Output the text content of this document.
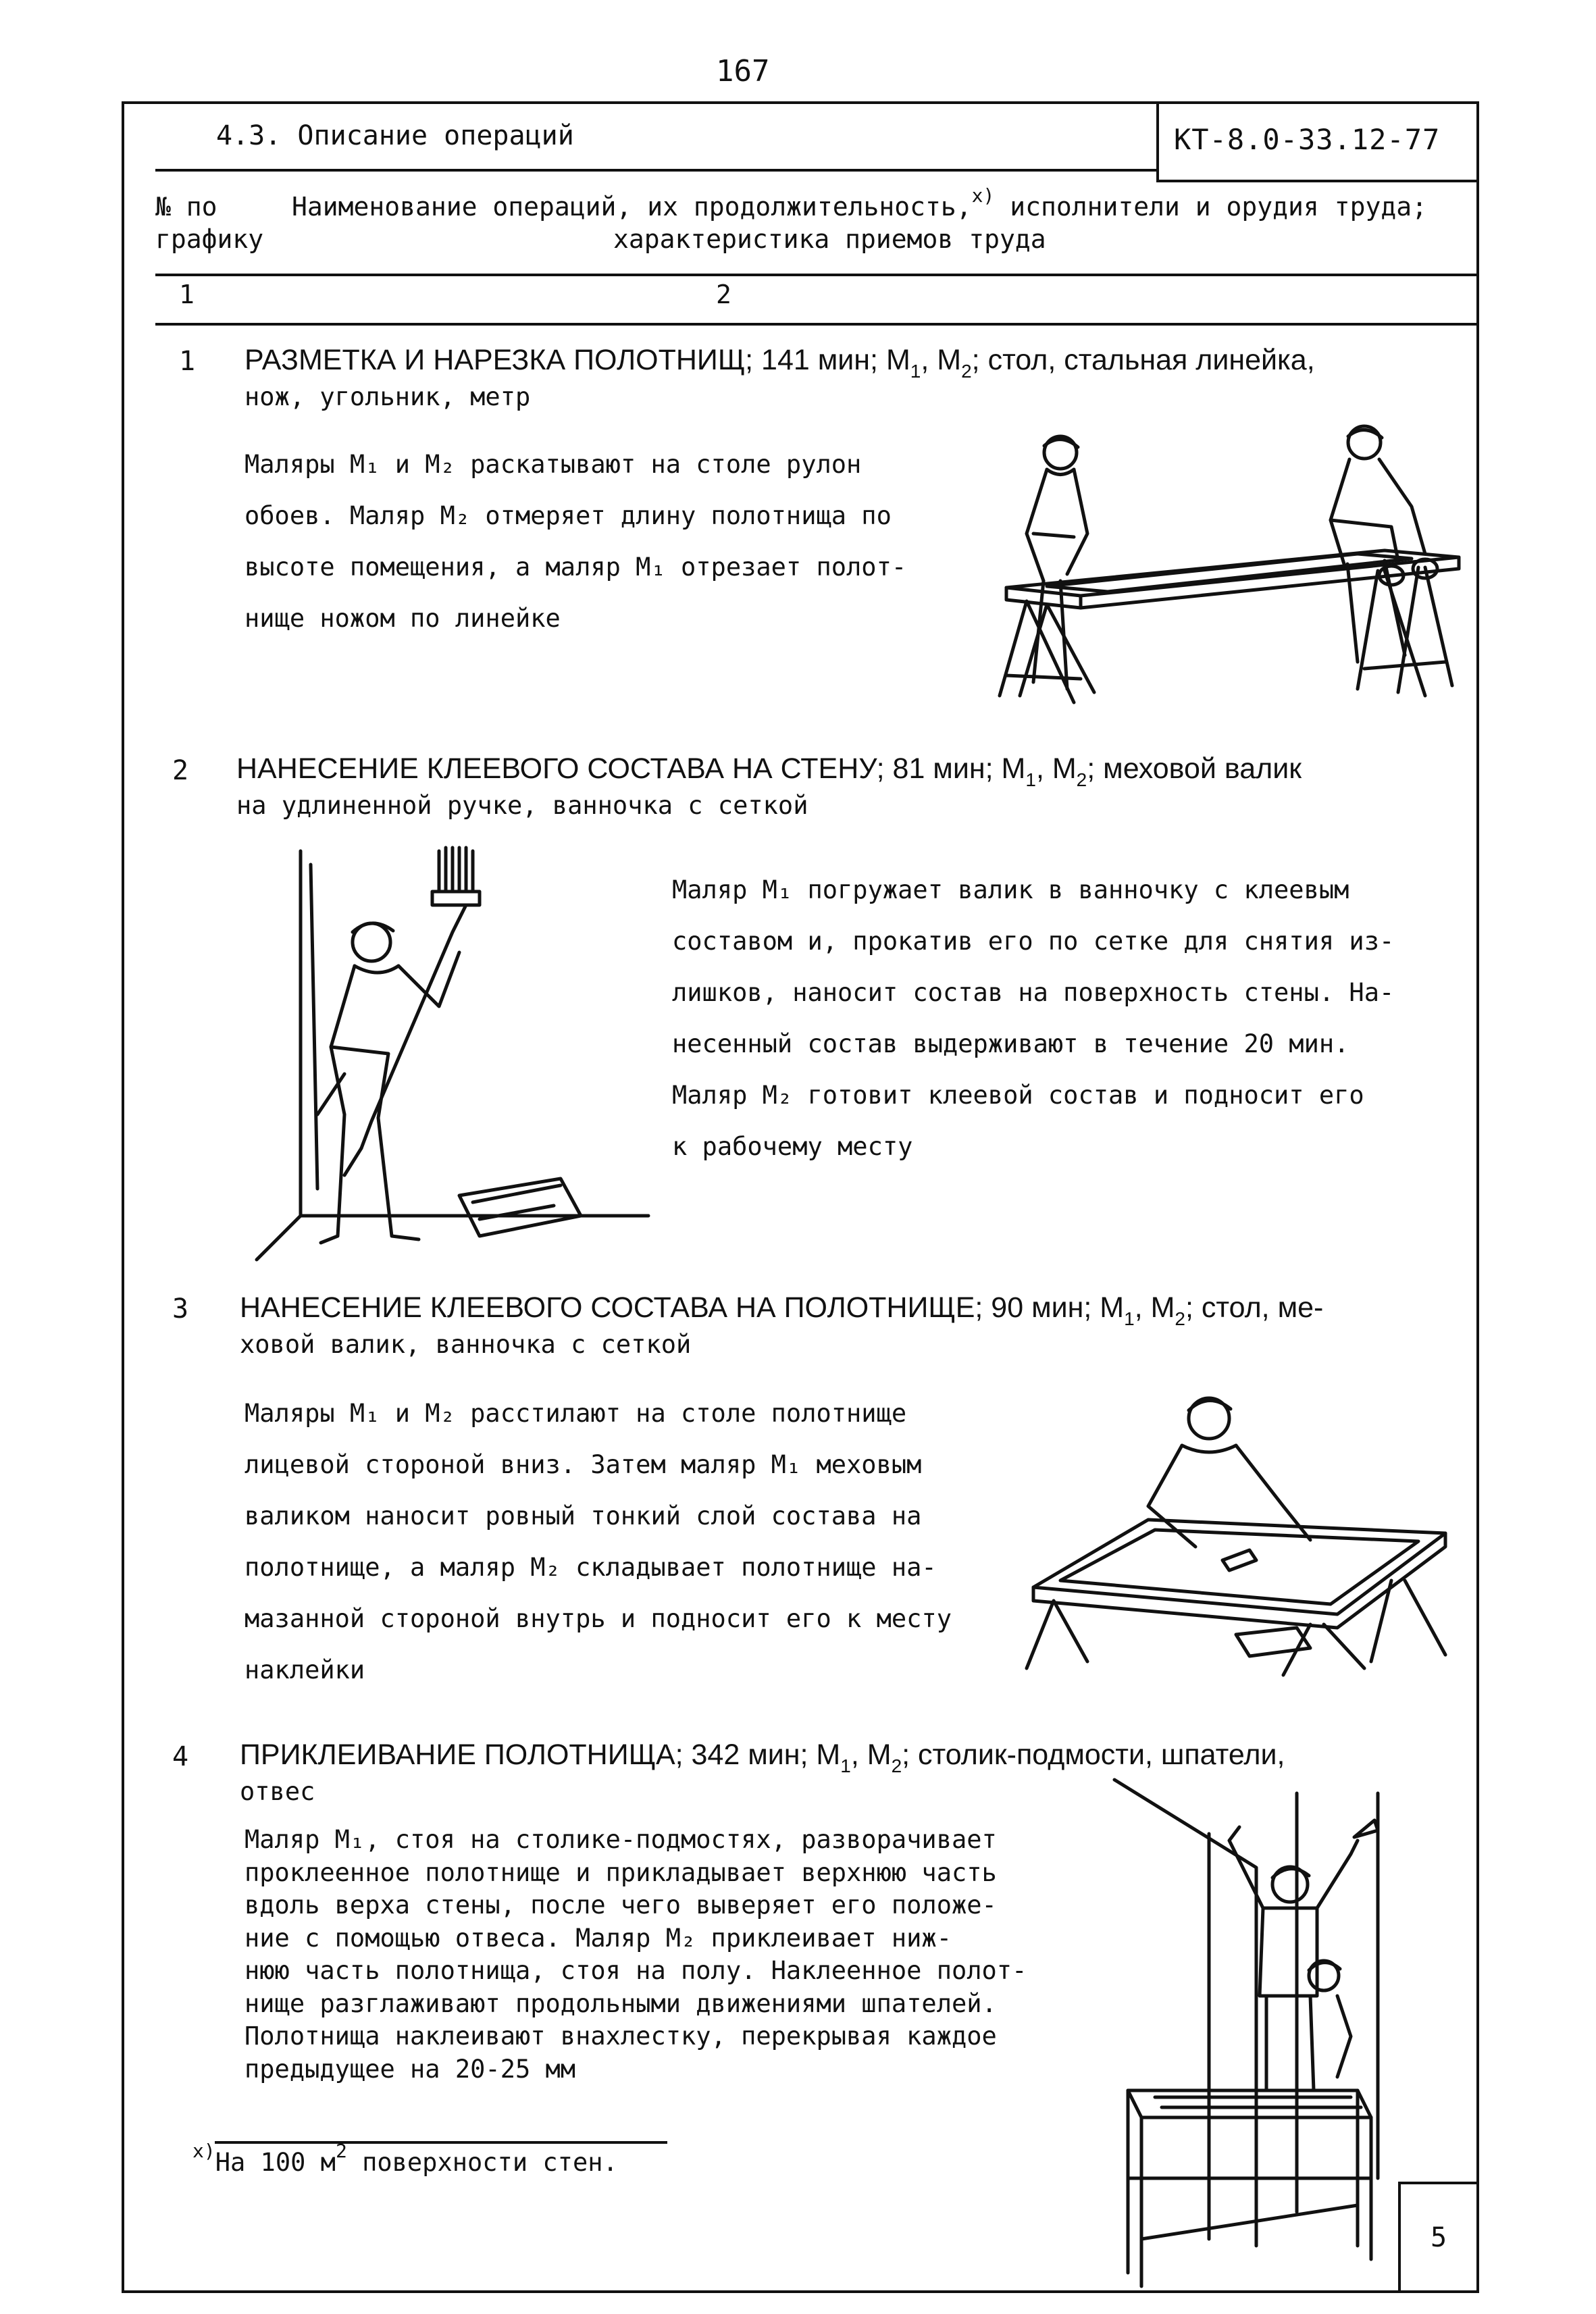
167
4.3. Описание операций	КТ-8.0-33.12-77
№ по
графику
Наименование операций, их продолжительность,$^{x)}$ исполнители и орудия труда;
характеристика приемов труда
1	2
1 РАЗМЕТКА И НАРЕЗКА ПОЛОТНИЩ; 141 мин; $М_1$, $М_2$; стол, стальная линейка,
нож, угольник, метр
Маляры М₁ и М₂ раскатывают на столе рулон
обоев. Маляр М₂ отмеряет длину полотнища по
высоте помещения, а маляр М₁ отрезает полот-
нище ножом по линейке
2 НАНЕСЕНИЕ КЛЕЕВОГО СОСТАВА НА СТЕНУ; 81 мин; $М_1$, $М_2$; меховой валик
на удлиненной ручке, ванночка с сеткой
Маляр М₁ погружает валик в ванночку с клеевым
составом и, прокатив его по сетке для снятия из-
лишков, наносит состав на поверхность стены. На-
несенный состав выдерживают в течение 20 мин.
Маляр М₂ готовит клеевой состав и подносит его
к рабочему месту
3 НАНЕСЕНИЕ КЛЕЕВОГО СОСТАВА НА ПОЛОТНИЩЕ; 90 мин; $М_1$, $М_2$; стол, ме-
ховой валик, ванночка с сеткой
Маляры М₁ и М₂ расстилают на столе полотнище
лицевой стороной вниз. Затем маляр М₁ меховым
валиком наносит ровный тонкий слой состава на
полотнище, а маляр М₂ складывает полотнище на-
мазанной стороной внутрь и подносит его к месту
наклейки
4 ПРИКЛЕИВАНИЕ ПОЛОТНИЩА; 342 мин; $М_1$, $М_2$; столик-подмости, шпатели,
отвес
Маляр М₁, стоя на столике-подмостях, разворачивает
проклеенное полотнище и прикладывает верхнюю часть
вдоль верха стены, после чего выверяет его положе-
ние с помощью отвеса. Маляр М₂ приклеивает ниж-
нюю часть полотнища, стоя на полу. Наклеенное полот-
нище разглаживают продольными движениями шпателей.
Полотнища наклеивают внахлестку, перекрывая каждое
предыдущее на 20-25 мм
$^{x)}$На 100 $м^2$ поверхности стен.
5
